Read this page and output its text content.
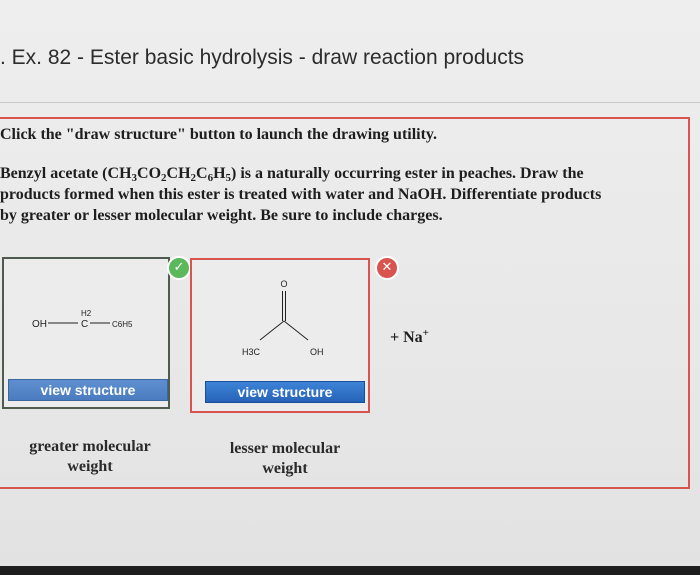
. Ex. 82 - Ester basic hydrolysis - draw reaction products
Click the "draw structure" button to launch the drawing utility.

Benzyl acetate $(CH_3CO_2CH_2C_6H_5)$ is a naturally occurring ester in peaches. Draw the

products formed when this ester is treated with water and NaOH. Differentiate products

by greater or lesser molecular weight. Be sure to include charges.

OH
H2
C	C6H5
view structure
✓
O
H3C	OH
view structure
✕
+ Na+
greater molecular
weight
lesser molecular
weight
